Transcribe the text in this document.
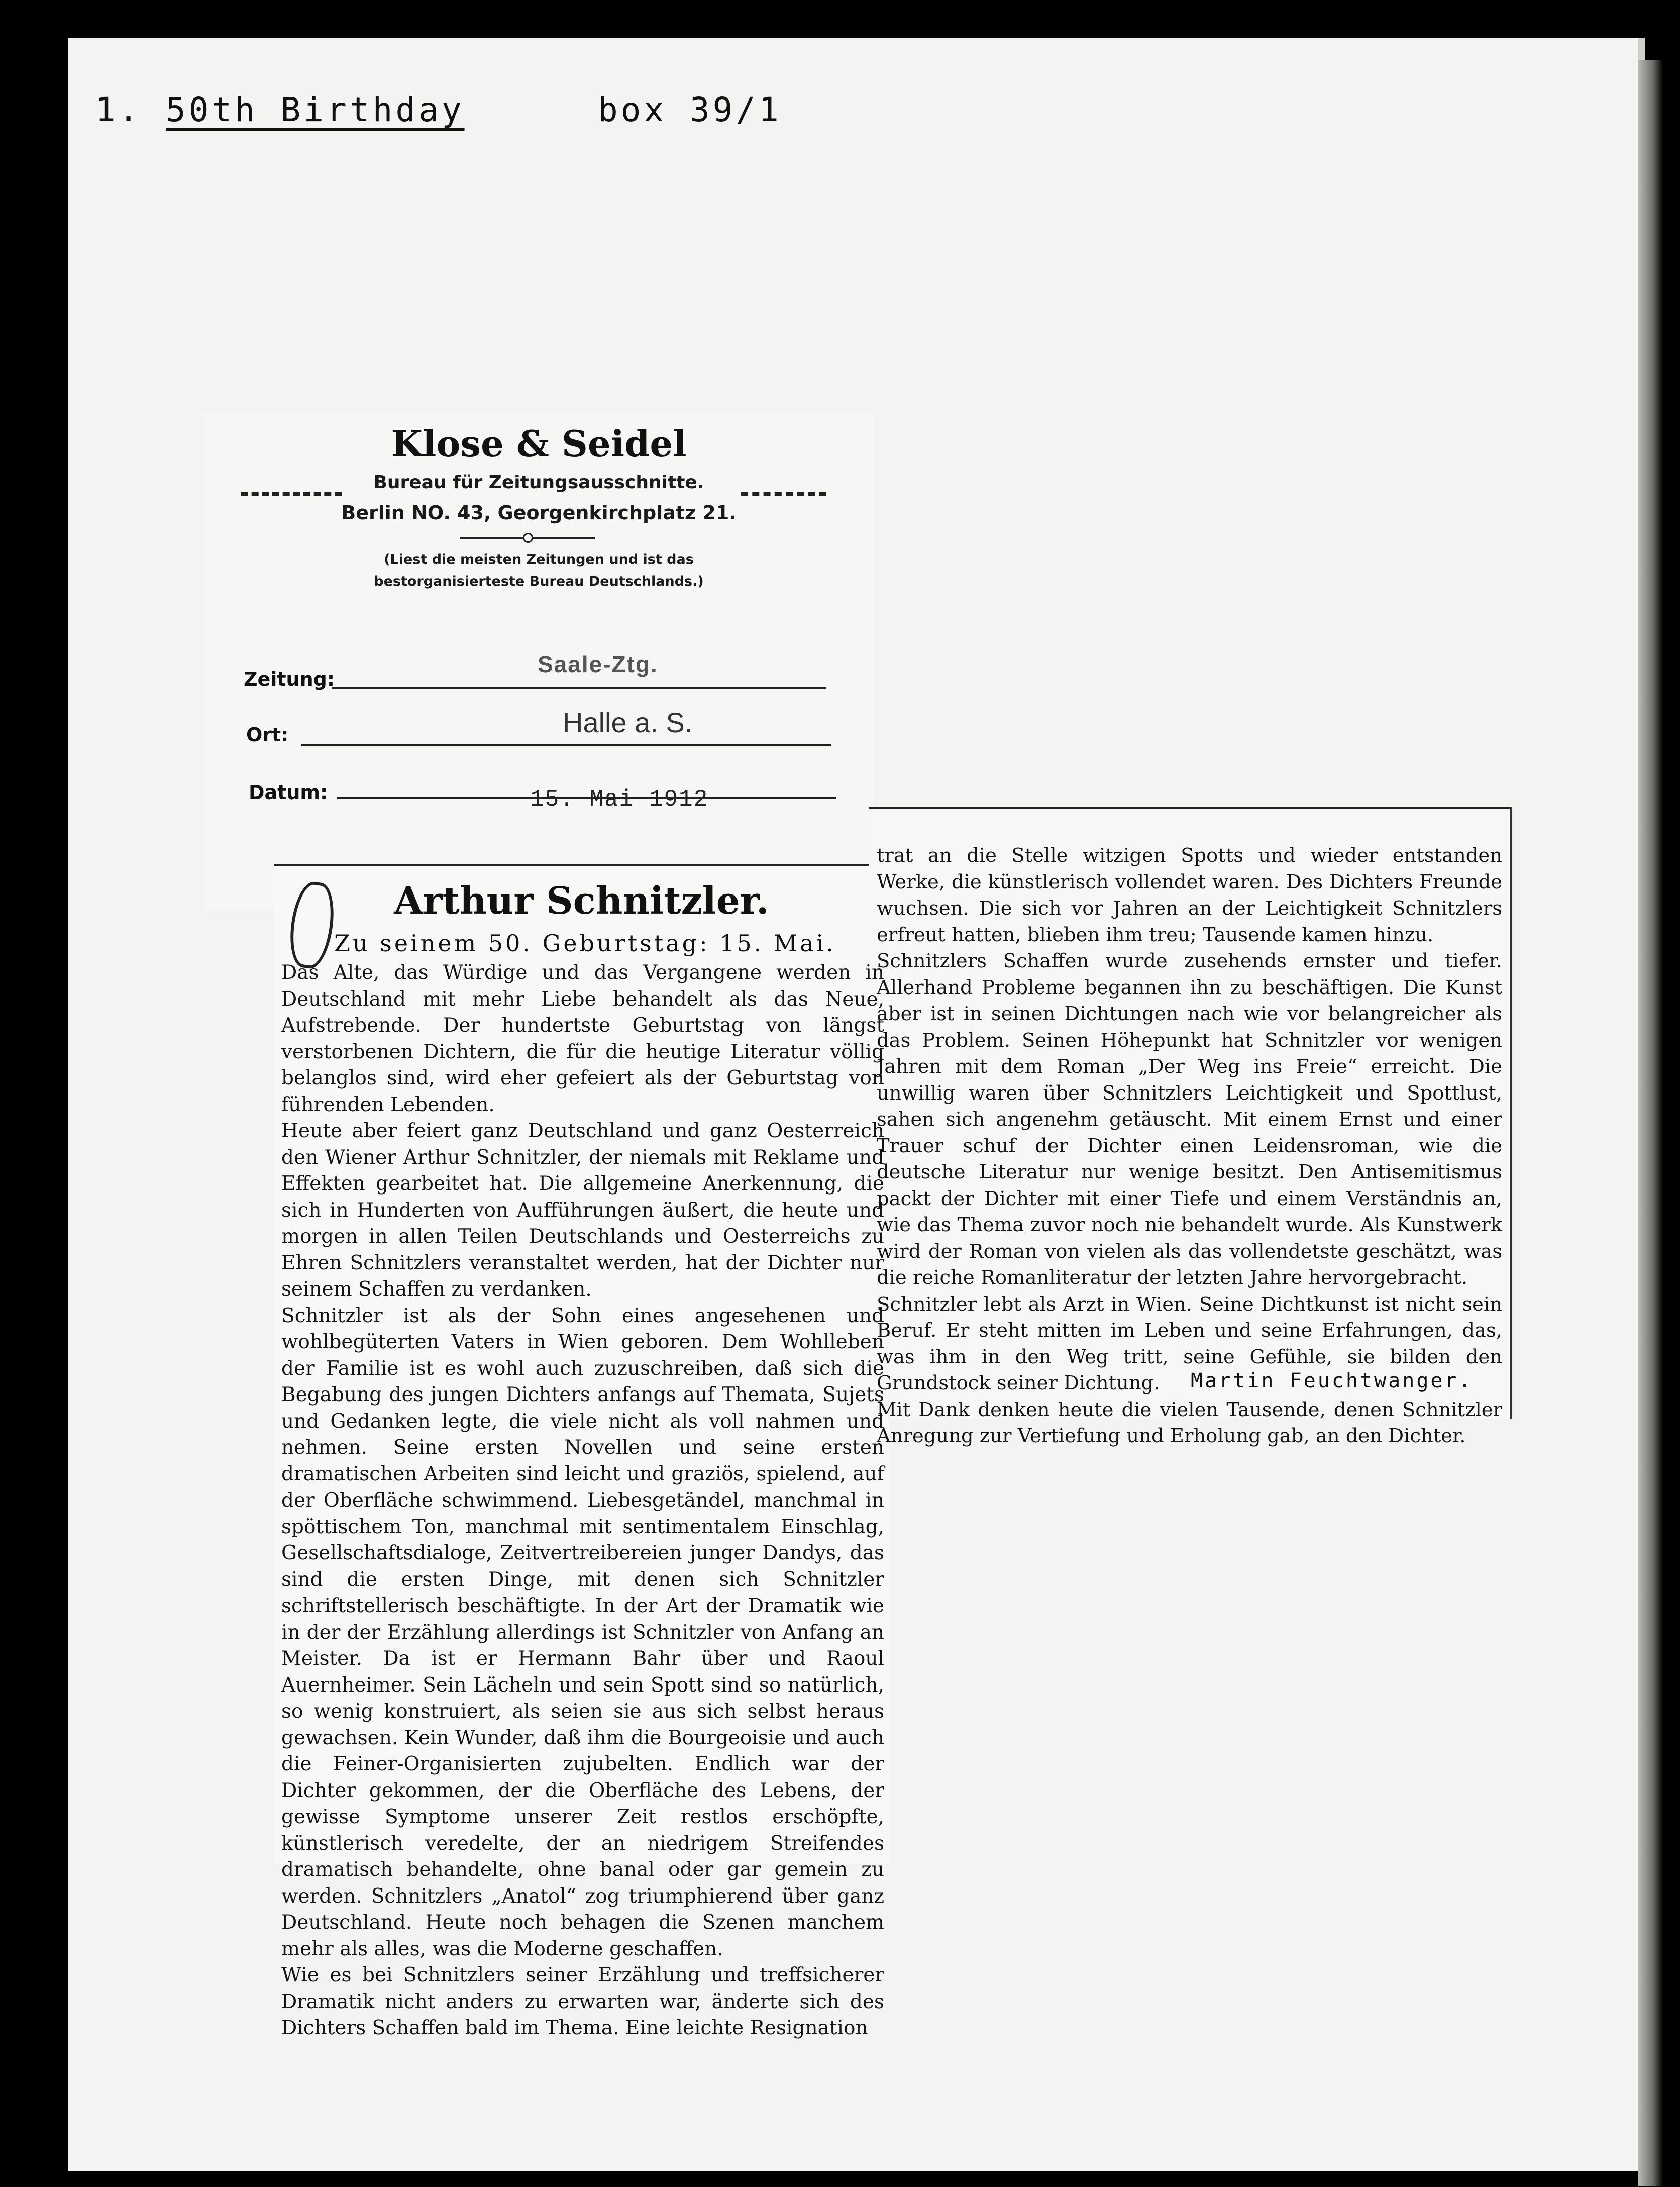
1. 50th Birthday	box 39/1
Klose & Seidel
Bureau für Zeitungsausschnitte.
Berlin NO. 43, Georgenkirchplatz 21.
(Liest die meisten Zeitungen und ist das
bestorganisierteste Bureau Deutschlands.)
Zeitung:
Saale-Ztg.
Ort:	Halle a. S.
Datum:	15. Mai 1912
Arthur Schnitzler.
Zu seinem 50. Geburtstag: 15. Mai.
Das Alte, das Würdige und das Vergangene werden in Deutschland mit mehr Liebe behandelt als das Neue, Aufstrebende. Der hundertste Geburtstag von längst verstorbenen Dichtern, die für die heutige Literatur völlig belanglos sind, wird eher gefeiert als der Geburtstag von führenden Lebenden.
Heute aber feiert ganz Deutschland und ganz Oesterreich den Wiener Arthur Schnitzler, der niemals mit Reklame und Effekten gearbeitet hat. Die allgemeine Anerkennung, die sich in Hunderten von Aufführungen äußert, die heute und morgen in allen Teilen Deutschlands und Oesterreichs zu Ehren Schnitzlers veranstaltet werden, hat der Dichter nur seinem Schaffen zu verdanken.
Schnitzler ist als der Sohn eines angesehenen und wohlbegüterten Vaters in Wien geboren. Dem Wohlleben der Familie ist es wohl auch zuzuschreiben, daß sich die Begabung des jungen Dichters anfangs auf Themata, Sujets und Gedanken legte, die viele nicht als voll nahmen und nehmen. Seine ersten Novellen und seine ersten dramatischen Arbeiten sind leicht und graziös, spielend, auf der Oberfläche schwimmend. Liebesgetändel, manchmal in spöttischem Ton, manchmal mit sentimentalem Einschlag, Gesellschaftsdialoge, Zeitvertreibereien junger Dandys, das sind die ersten Dinge, mit denen sich Schnitzler schriftstellerisch beschäftigte. In der Art der Dramatik wie in der der Erzählung allerdings ist Schnitzler von Anfang an Meister. Da ist er Hermann Bahr über und Raoul Auernheimer. Sein Lächeln und sein Spott sind so natürlich, so wenig konstruiert, als seien sie aus sich selbst heraus gewachsen. Kein Wunder, daß ihm die Bourgeoisie und auch die Feiner-Organisierten zujubelten. Endlich war der Dichter gekommen, der die Oberfläche des Lebens, der gewisse Symptome unserer Zeit restlos erschöpfte, künstlerisch veredelte, der an niedrigem Streifendes dramatisch behandelte, ohne banal oder gar gemein zu werden. Schnitzlers „Anatol“ zog triumphierend über ganz Deutschland. Heute noch behagen die Szenen manchem mehr als alles, was die Moderne geschaffen.
Wie es bei Schnitzlers seiner Erzählung und treffsicherer Dramatik nicht anders zu erwarten war, änderte sich des Dichters Schaffen bald im Thema. Eine leichte Resignation
trat an die Stelle witzigen Spotts und wieder entstanden Werke, die künstlerisch vollendet waren. Des Dichters Freunde wuchsen. Die sich vor Jahren an der Leichtigkeit Schnitzlers erfreut hatten, blieben ihm treu; Tausende kamen hinzu.
Schnitzlers Schaffen wurde zusehends ernster und tiefer. Allerhand Probleme begannen ihn zu beschäftigen. Die Kunst aber ist in seinen Dichtungen nach wie vor belangreicher als das Problem. Seinen Höhepunkt hat Schnitzler vor wenigen Jahren mit dem Roman „Der Weg ins Freie“ erreicht. Die unwillig waren über Schnitzlers Leichtigkeit und Spottlust, sahen sich angenehm getäuscht. Mit einem Ernst und einer Trauer schuf der Dichter einen Leidensroman, wie die deutsche Literatur nur wenige besitzt. Den Antisemitismus packt der Dichter mit einer Tiefe und einem Verständnis an, wie das Thema zuvor noch nie behandelt wurde. Als Kunstwerk wird der Roman von vielen als das vollendetste geschätzt, was die reiche Romanliteratur der letzten Jahre hervorgebracht.
Schnitzler lebt als Arzt in Wien. Seine Dichtkunst ist nicht sein Beruf. Er steht mitten im Leben und seine Erfahrungen, das, was ihm in den Weg tritt, seine Gefühle, sie bilden den Grundstock seiner Dichtung.
Mit Dank denken heute die vielen Tausende, denen Schnitzler Anregung zur Vertiefung und Erholung gab, an den Dichter.
Martin Feuchtwanger.
